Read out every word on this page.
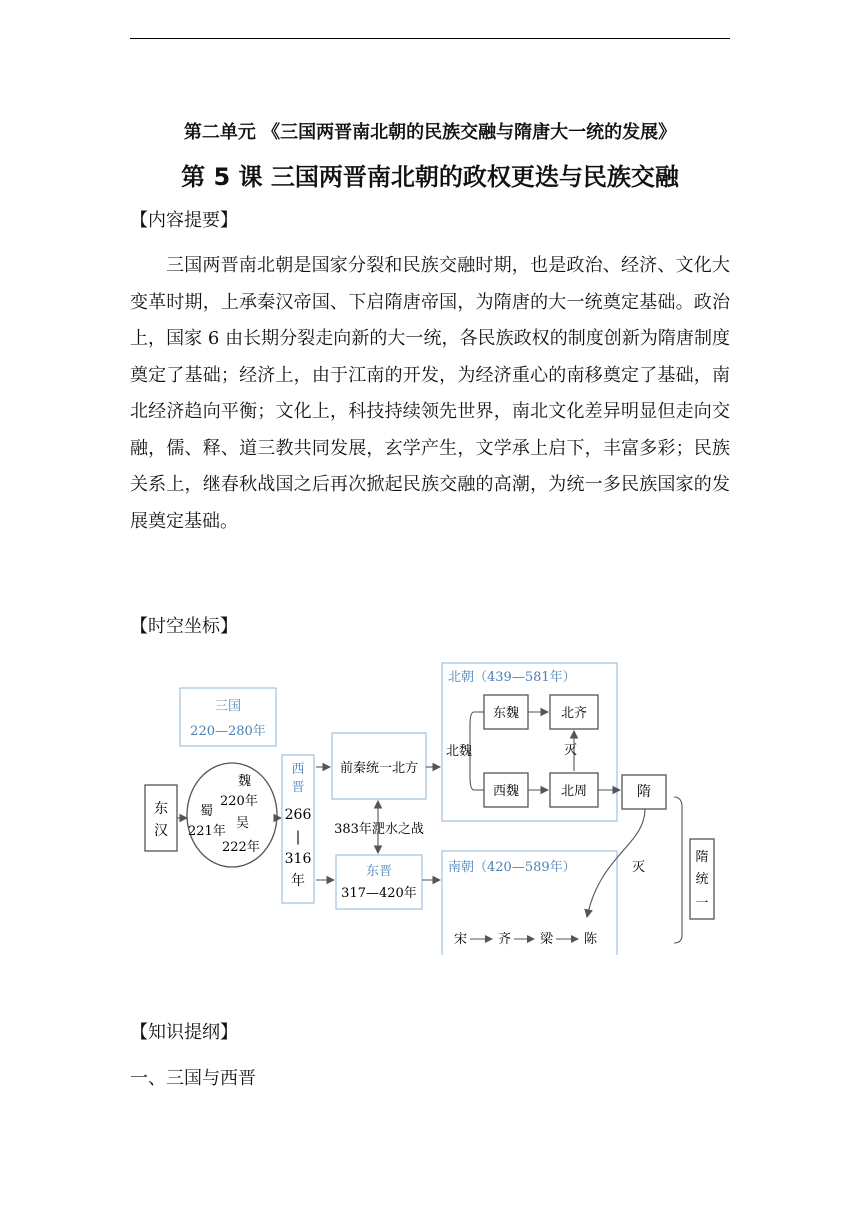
第二单元 《三国两晋南北朝的民族交融与隋唐大一统的发展》
第 5 课 三国两晋南北朝的政权更迭与民族交融
【内容提要】
三国两晋南北朝是国家分裂和民族交融时期，也是政治、经济、文化大变革时期，上承秦汉帝国、下启隋唐帝国，为隋唐的大一统奠定基础。政治上，国家 6 由长期分裂走向新的大一统，各民族政权的制度创新为隋唐制度奠定了基础；经济上，由于江南的开发，为经济重心的南移奠定了基础，南北经济趋向平衡；文化上，科技持续领先世界，南北文化差异明显但走向交融，儒、释、道三教共同发展，玄学产生，文学承上启下，丰富多彩；民族关系上，继春秋战国之后再次掀起民族交融的高潮，为统一多民族国家的发展奠定基础。
【时空坐标】
三国
220—280年
东
汉
魏
220年
蜀
221年
吴
222年
西
晋
266
|
316
年
前秦统一北方
383年淝水之战
东晋
317—420年
北朝（439—581年）
北魏
东魏	北齐
灭
西魏	北周	隋
南朝（420—589年）	灭
宋 齐 梁 陈
隋
统
一
【知识提纲】
一、三国与西晋
